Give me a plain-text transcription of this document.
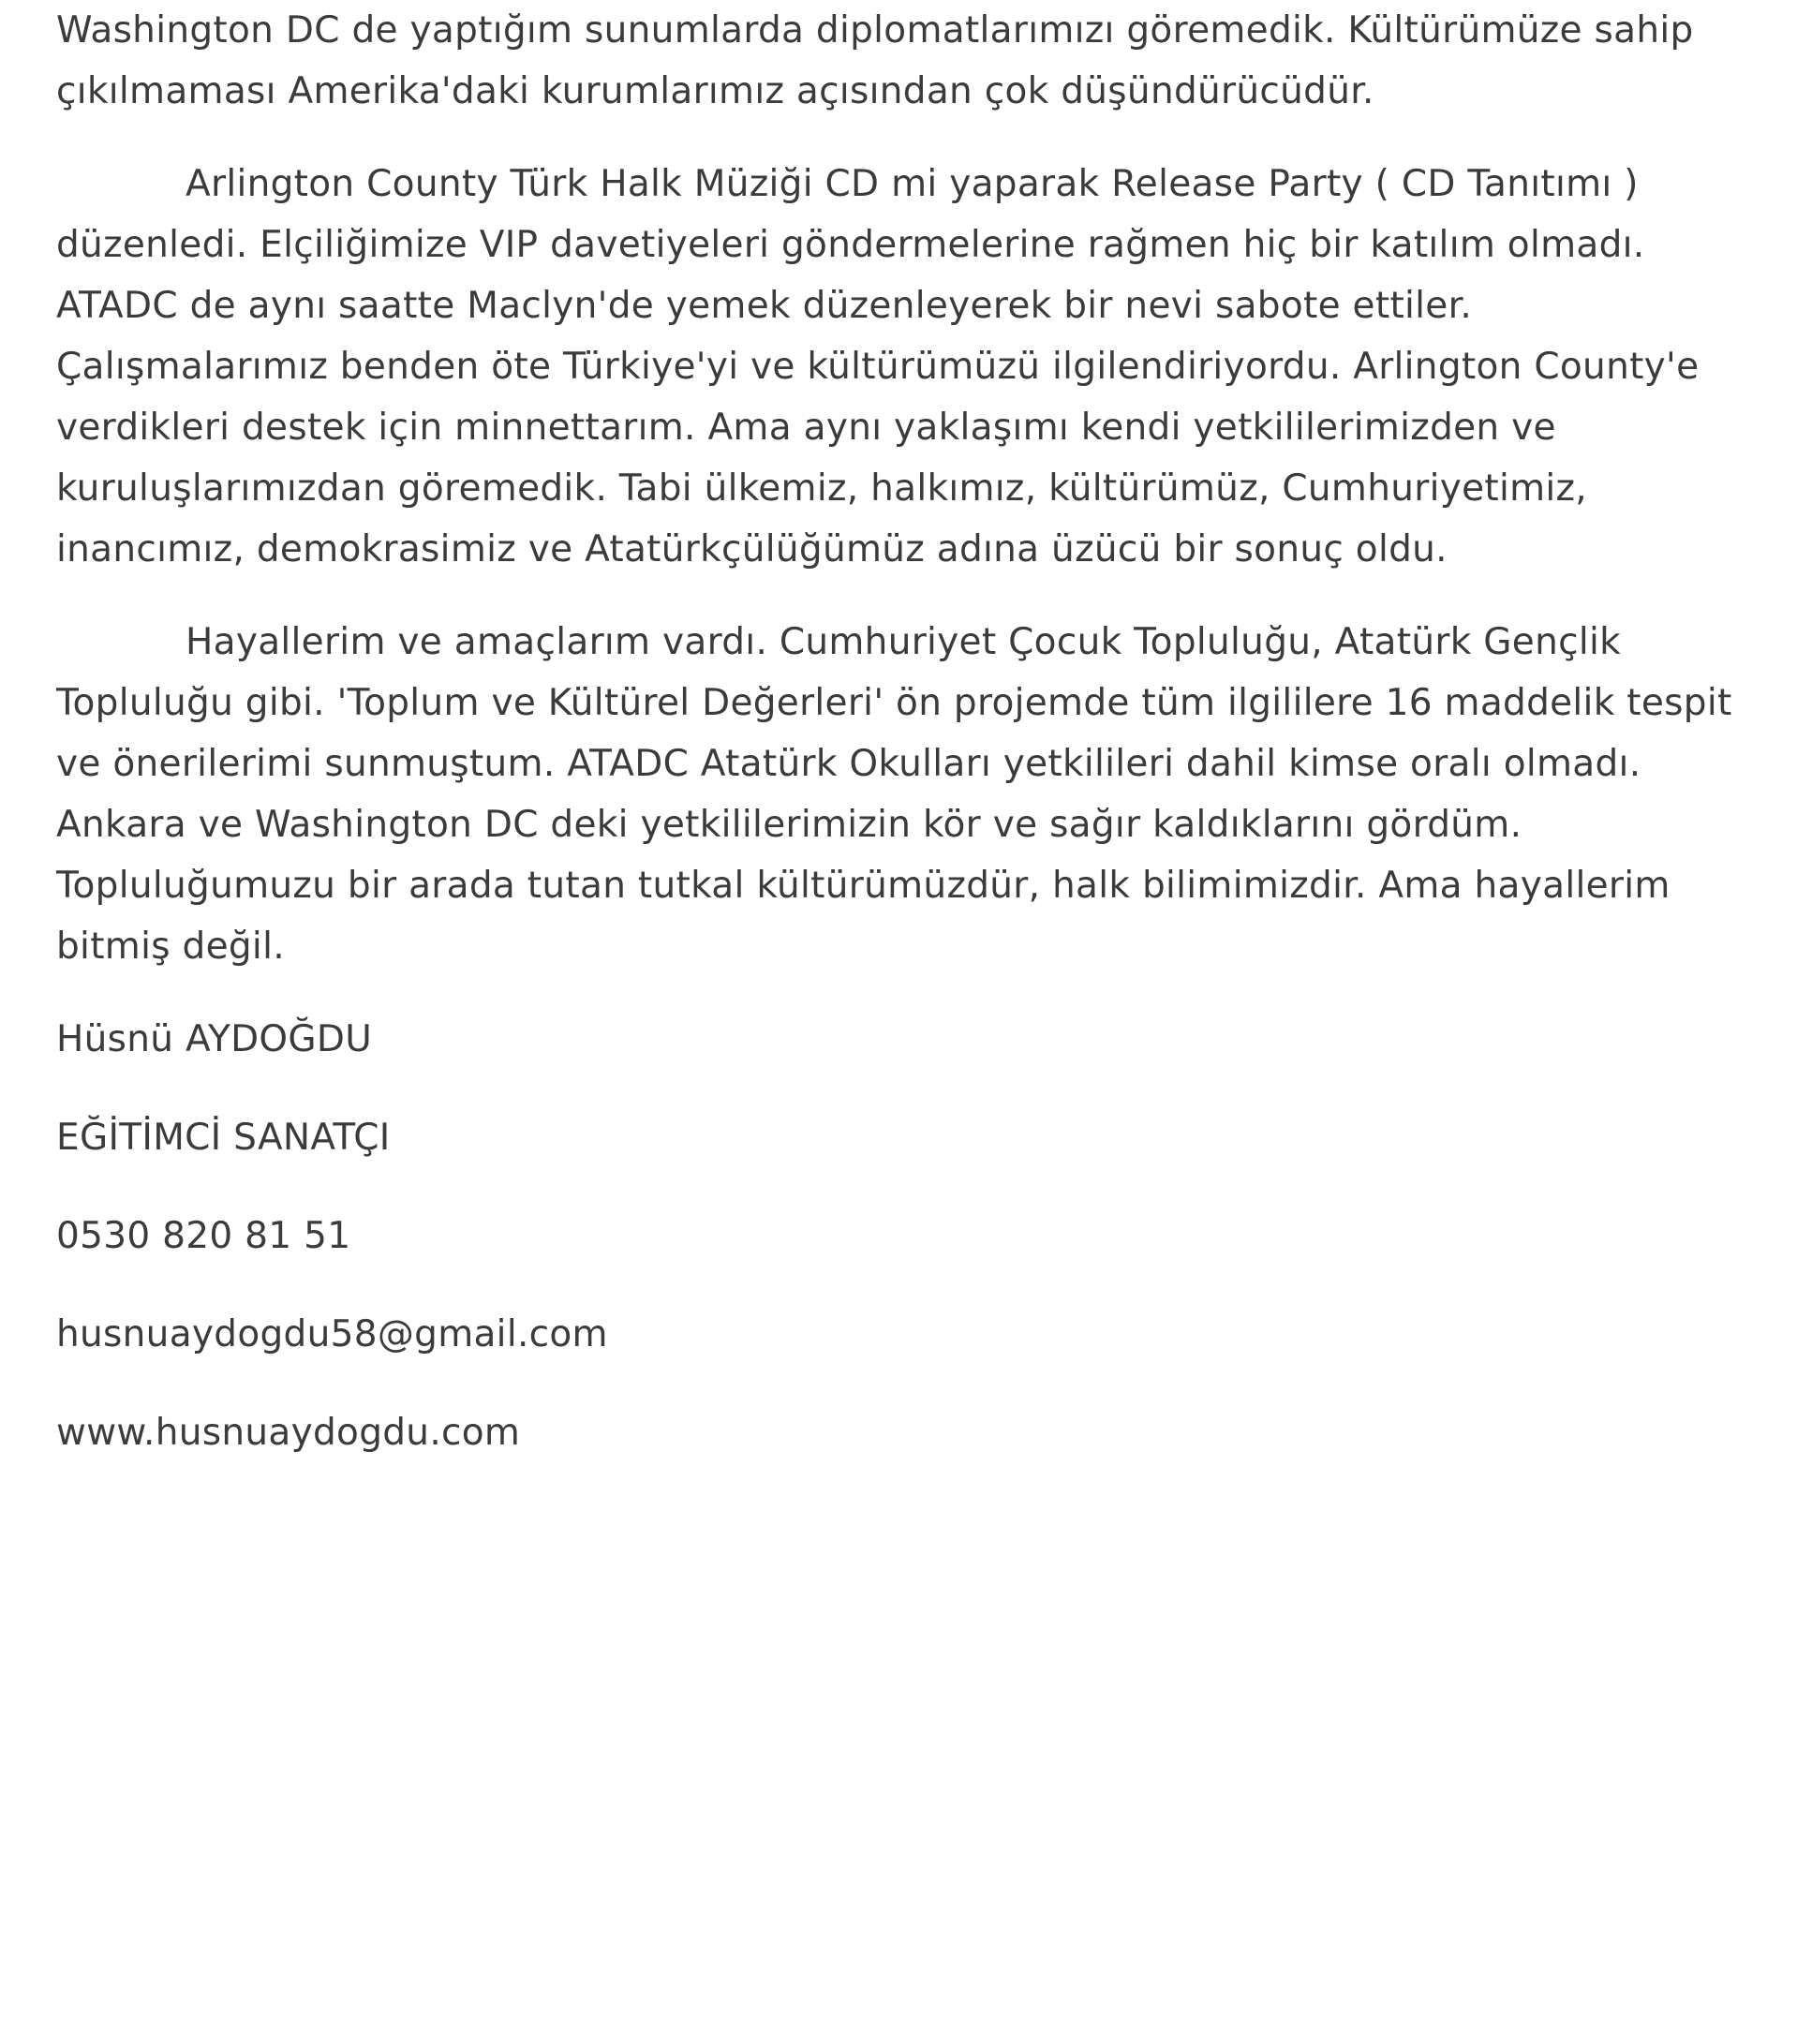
Washington DC de yaptığım sunumlarda diplomatlarımızı göremedik. Kültürümüze sahip
çıkılmaması Amerika'daki kurumlarımız açısından çok düşündürücüdür.
Arlington County Türk Halk Müziği CD mi yaparak Release Party ( CD Tanıtımı )
düzenledi. Elçiliğimize VIP davetiyeleri göndermelerine rağmen hiç bir katılım olmadı.
ATADC de aynı saatte Maclyn'de yemek düzenleyerek bir nevi sabote ettiler.
Çalışmalarımız benden öte Türkiye'yi ve kültürümüzü ilgilendiriyordu. Arlington County'e
verdikleri destek için minnettarım. Ama aynı yaklaşımı kendi yetkililerimizden ve
kuruluşlarımızdan göremedik. Tabi ülkemiz, halkımız, kültürümüz, Cumhuriyetimiz,
inancımız, demokrasimiz ve Atatürkçülüğümüz adına üzücü bir sonuç oldu.
Hayallerim ve amaçlarım vardı. Cumhuriyet Çocuk Topluluğu, Atatürk Gençlik
Topluluğu gibi. 'Toplum ve Kültürel Değerleri' ön projemde tüm ilgililere 16 maddelik tespit
ve önerilerimi sunmuştum. ATADC Atatürk Okulları yetkilileri dahil kimse oralı olmadı.
Ankara ve Washington DC deki yetkililerimizin kör ve sağır kaldıklarını gördüm.
Topluluğumuzu bir arada tutan tutkal kültürümüzdür, halk bilimimizdir. Ama hayallerim
bitmiş değil.
Hüsnü AYDOĞDU
EĞİTİMCİ SANATÇI
0530 820 81 51
husnuaydogdu58@gmail.com
www.husnuaydogdu.com
